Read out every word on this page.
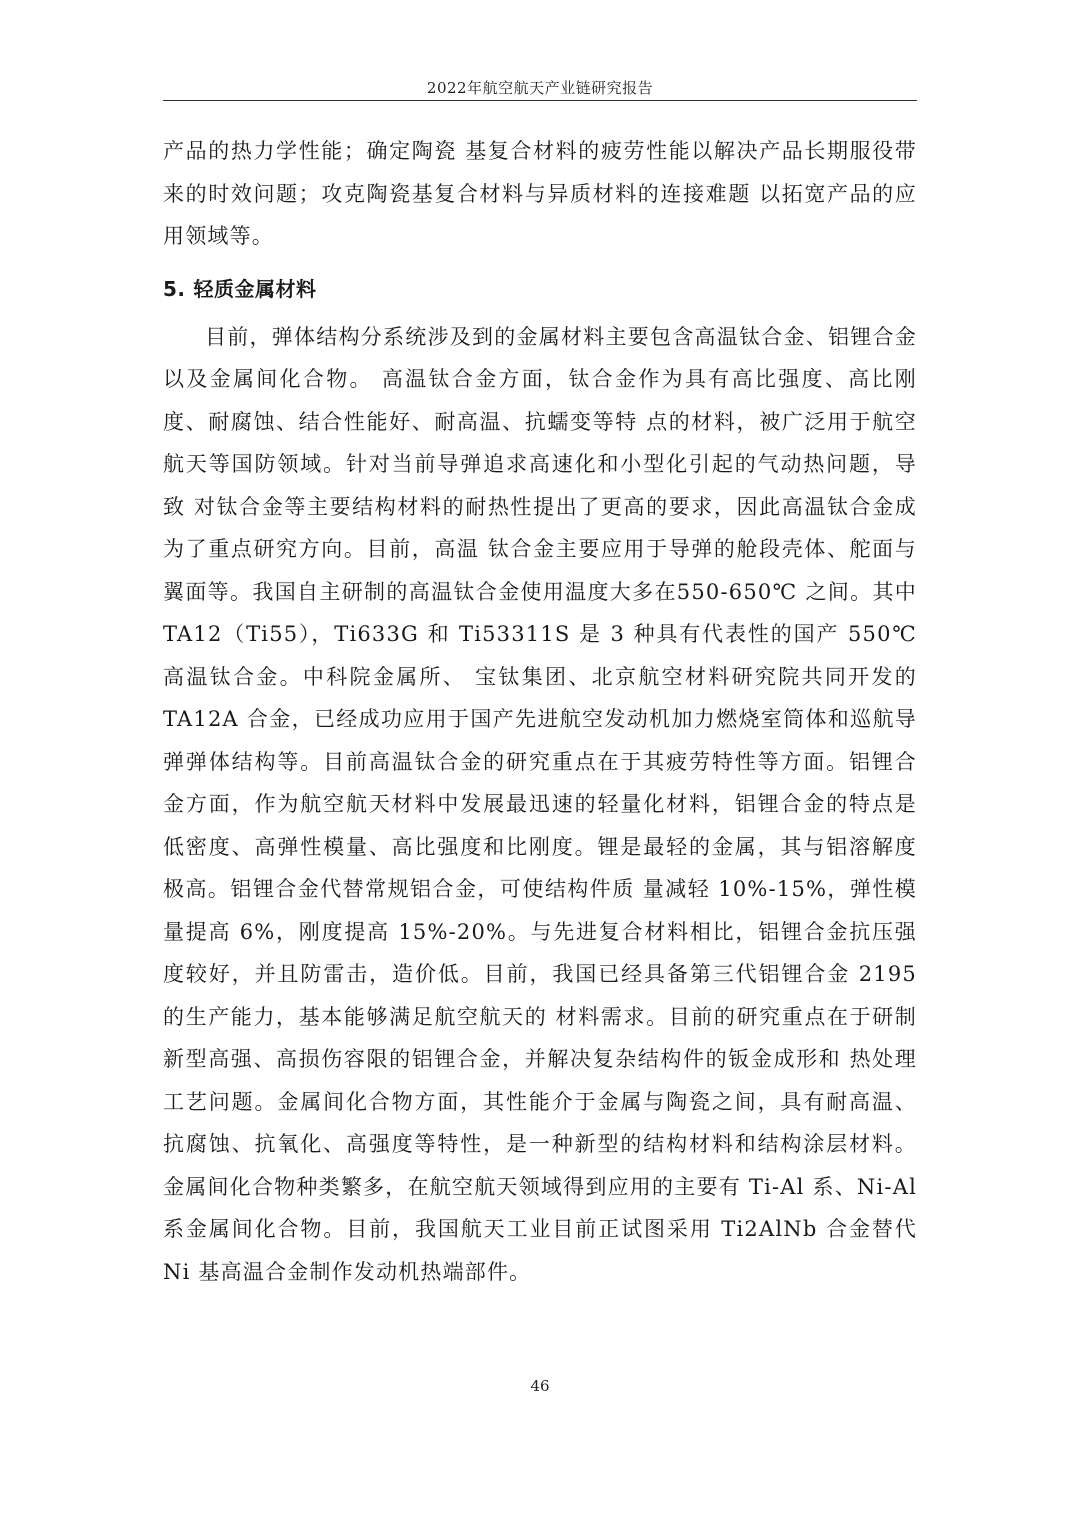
2022年航空航天产业链研究报告

产品的热力学性能；确定陶瓷 基复合材料的疲劳性能以解决产品长期服役带来的时效问题；攻克陶瓷基复合材料与异质材料的连接难题 以拓宽产品的应用领域等。

5. 轻质金属材料

目前，弹体结构分系统涉及到的金属材料主要包含高温钛合金、铝锂合金以及金属间化合物。 高温钛合金方面，钛合金作为具有高比强度、高比刚度、耐腐蚀、结合性能好、耐高温、抗蠕变等特 点的材料，被广泛用于航空航天等国防领域。针对当前导弹追求高速化和小型化引起的气动热问题，导致 对钛合金等主要结构材料的耐热性提出了更高的要求，因此高温钛合金成为了重点研究方向。目前，高温 钛合金主要应用于导弹的舱段壳体、舵面与翼面等。我国自主研制的高温钛合金使用温度大多在550-650℃ 之间。其中 TA12（Ti55），Ti633G 和 Ti53311S 是 3 种具有代表性的国产 550℃高温钛合金。中科院金属所、 宝钛集团、北京航空材料研究院共同开发的 TA12A 合金，已经成功应用于国产先进航空发动机加力燃烧室筒体和巡航导弹弹体结构等。目前高温钛合金的研究重点在于其疲劳特性等方面。铝锂合金方面，作为航空航天材料中发展最迅速的轻量化材料，铝锂合金的特点是低密度、高弹性模量、高比强度和比刚度。锂是最轻的金属，其与铝溶解度极高。铝锂合金代替常规铝合金，可使结构件质 量减轻 10%-15%，弹性模量提高 6%，刚度提高 15%-20%。与先进复合材料相比，铝锂合金抗压强度较好，并且防雷击，造价低。目前，我国已经具备第三代铝锂合金 2195 的生产能力，基本能够满足航空航天的 材料需求。目前的研究重点在于研制新型高强、高损伤容限的铝锂合金，并解决复杂结构件的钣金成形和 热处理工艺问题。金属间化合物方面，其性能介于金属与陶瓷之间，具有耐高温、抗腐蚀、抗氧化、高强度等特性，是一种新型的结构材料和结构涂层材料。金属间化合物种类繁多，在航空航天领域得到应用的主要有 Ti-Al 系、Ni-Al 系金属间化合物。目前，我国航天工业目前正试图采用 Ti2AlNb 合金替代 Ni 基高温合金制作发动机热端部件。

46
